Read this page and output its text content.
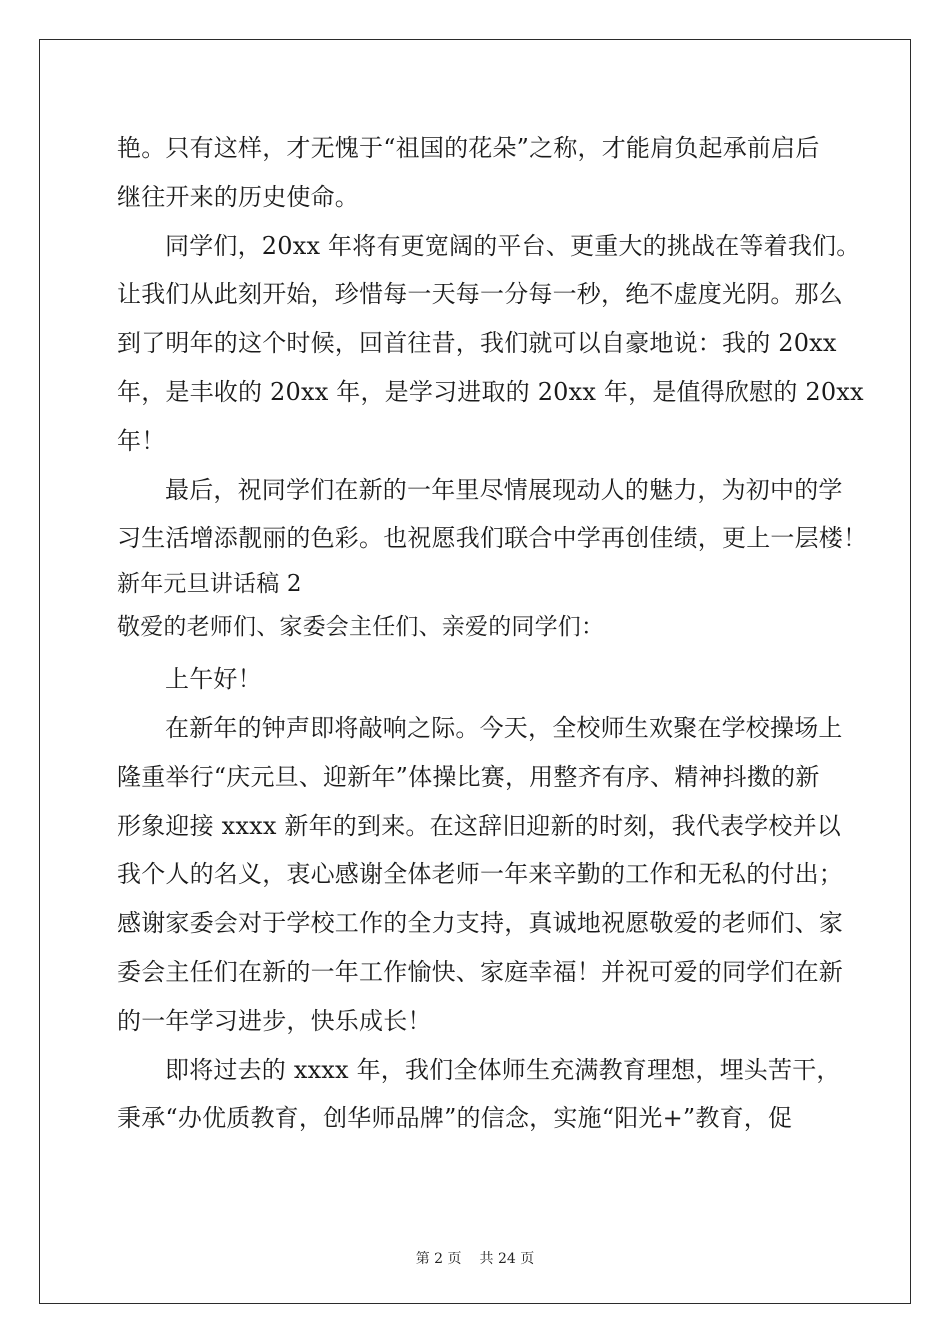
艳。只有这样，才无愧于“祖国的花朵”之称，才能肩负起承前启后
继往开来的历史使命。
同学们，20xx 年将有更宽阔的平台、更重大的挑战在等着我们。
让我们从此刻开始，珍惜每一天每一分每一秒，绝不虚度光阴。那么
到了明年的这个时候，回首往昔，我们就可以自豪地说：我的 20xx
年，是丰收的 20xx 年，是学习进取的 20xx 年，是值得欣慰的 20xx
年！
最后，祝同学们在新的一年里尽情展现动人的魅力，为初中的学
习生活增添靓丽的色彩。也祝愿我们联合中学再创佳绩，更上一层楼！
新年元旦讲话稿 2
敬爱的老师们、家委会主任们、亲爱的同学们：
上午好！
在新年的钟声即将敲响之际。今天，全校师生欢聚在学校操场上
隆重举行“庆元旦、迎新年”体操比赛，用整齐有序、精神抖擞的新
形象迎接 xxxx 新年的到来。在这辞旧迎新的时刻，我代表学校并以
我个人的名义，衷心感谢全体老师一年来辛勤的工作和无私的付出；
感谢家委会对于学校工作的全力支持，真诚地祝愿敬爱的老师们、家
委会主任们在新的一年工作愉快、家庭幸福！并祝可爱的同学们在新
的一年学习进步，快乐成长！
即将过去的 xxxx 年，我们全体师生充满教育理想，埋头苦干，
秉承“办优质教育，创华师品牌”的信念，实施“阳光+”教育，促
第 2 页 共 24 页
